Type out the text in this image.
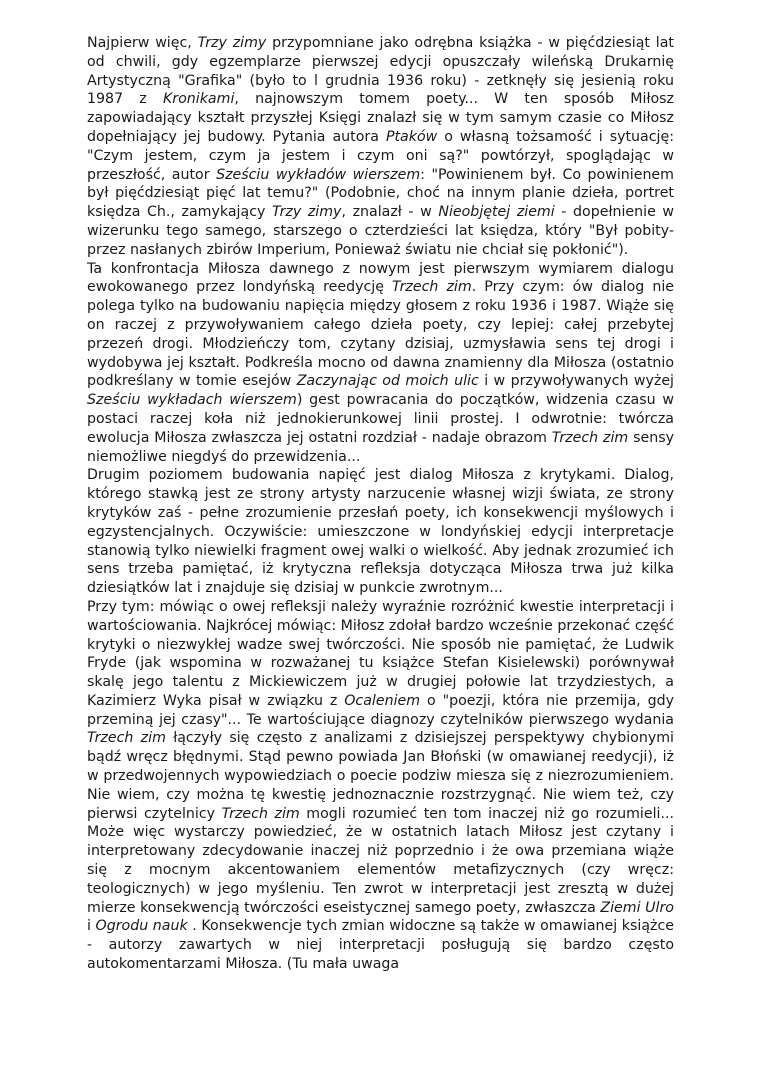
Najpierw więc, Trzy zimy przypomniane jako odrębna książka - w pięćdziesiąt lat od chwili, gdy egzemplarze pierwszej edycji opuszczały wileńską Drukarnię Artystyczną "Grafika" (było to l grudnia 1936 roku) - zetknęły się jesienią roku 1987 z Kronikami, najnowszym tomem poety... W ten sposób Miłosz zapowiadający kształt przyszłej Księgi znalazł się w tym samym czasie co Miłosz dopełniający jej budowy. Pytania autora Ptaków o własną tożsamość i sytuację: "Czym jestem, czym ja jestem i czym oni są?" powtórzył, spoglądając w przeszłość, autor Sześciu wykładów wierszem: "Powinienem był. Co powinienem był pięćdziesiąt pięć lat temu?" (Podobnie, choć na innym planie dzieła, portret księdza Ch., zamykający Trzy zimy, znalazł - w Nieobjętej ziemi - dopełnienie w wizerunku tego samego, starszego o czterdzieści lat księdza, który "Był pobity-przez nasłanych zbirów Imperium, Ponieważ światu nie chciał się pokłonić").

Ta konfrontacja Miłosza dawnego z nowym jest pierwszym wymiarem dialogu ewokowanego przez londyńską reedycję Trzech zim. Przy czym: ów dialog nie polega tylko na budowaniu napięcia między głosem z roku 1936 i 1987. Wiąże się on raczej z przywoływaniem całego dzieła poety, czy lepiej: całej przebytej przezeń drogi. Młodzieńczy tom, czytany dzisiaj, uzmysławia sens tej drogi i wydobywa jej kształt. Podkreśla mocno od dawna znamienny dla Miłosza (ostatnio podkreślany w tomie esejów Zaczynając od moich ulic i w przywoływanych wyżej Sześciu wykładach wierszem) gest powracania do początków, widzenia czasu w postaci raczej koła niż jednokierunkowej linii prostej. I odwrotnie: twórcza ewolucja Miłosza zwłaszcza jej ostatni rozdział - nadaje obrazom Trzech zim sensy niemożliwe niegdyś do przewidzenia...

Drugim poziomem budowania napięć jest dialog Miłosza z krytykami. Dialog, którego stawką jest ze strony artysty narzucenie własnej wizji świata, ze strony krytyków zaś - pełne zrozumienie przesłań poety, ich konsekwencji myślowych i egzystencjalnych. Oczywiście: umieszczone w londyńskiej edycji interpretacje stanowią tylko niewielki fragment owej walki o wielkość. Aby jednak zrozumieć ich sens trzeba pamiętać, iż krytyczna refleksja dotycząca Miłosza trwa już kilka dziesiątków lat i znajduje się dzisiaj w punkcie zwrotnym...

Przy tym: mówiąc o owej refleksji należy wyraźnie rozróżnić kwestie interpretacji i wartościowania. Najkrócej mówiąc: Miłosz zdołał bardzo wcześnie przekonać część krytyki o niezwykłej wadze swej twórczości. Nie sposób nie pamiętać, że Ludwik Fryde (jak wspomina w rozważanej tu książce Stefan Kisielewski) porównywał skalę jego talentu z Mickiewiczem już w drugiej połowie lat trzydziestych, a Kazimierz Wyka pisał w związku z Ocaleniem o "poezji, która nie przemija, gdy przeminą jej czasy"... Te wartościujące diagnozy czytelników pierwszego wydania Trzech zim łączyły się często z analizami z dzisiejszej perspektywy chybionymi bądź wręcz błędnymi. Stąd pewno powiada Jan Błoński (w omawianej reedycji), iż w przedwojennych wypowiedziach o poecie podziw miesza się z niezrozumieniem. Nie wiem, czy można tę kwestię jednoznacznie rozstrzygnąć. Nie wiem też, czy pierwsi czytelnicy Trzech zim mogli rozumieć ten tom inaczej niż go rozumieli... Może więc wystarczy powiedzieć, że w ostatnich latach Miłosz jest czytany i interpretowany zdecydowanie inaczej niż poprzednio i że owa przemiana wiąże się z mocnym akcentowaniem elementów metafizycznych (czy wręcz: teologicznych) w jego myśleniu. Ten zwrot w interpretacji jest zresztą w dużej mierze konsekwencją twórczości eseistycznej samego poety, zwłaszcza Ziemi Ulro i Ogrodu nauk . Konsekwencje tych zmian widoczne są także w omawianej książce - autorzy zawartych w niej interpretacji posługują się bardzo często autokomentarzami Miłosza. (Tu mała uwaga
